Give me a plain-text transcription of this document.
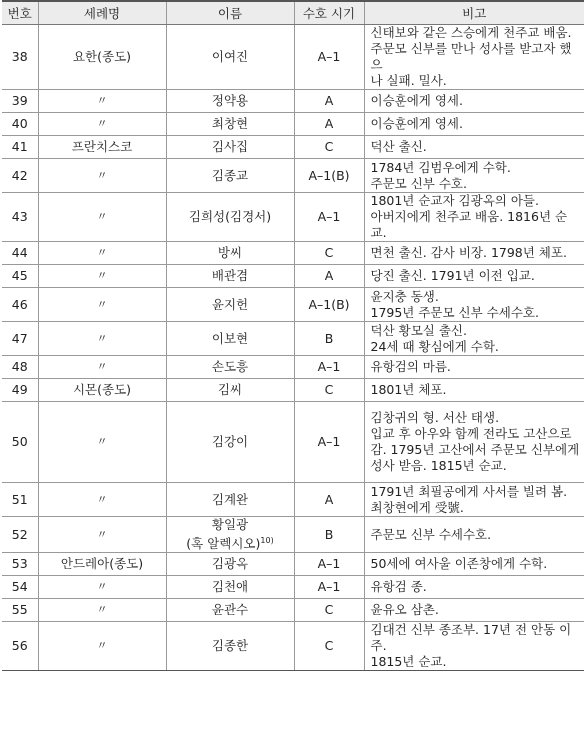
번호	세례명	이름	수호 시기	비고
38	요한(종도)	이여진	A–1	신태보와 같은 스승에게 천주교 배움.
주문모 신부를 만나 성사를 받고자 했으
나 실패. 밀사.

39	〃	정약용	A	이승훈에게 영세.

40	〃	최창현	A	이승훈에게 영세.

41	프란치스코	김사집	C	덕산 출신.

42	〃	김종교	A–1(B)	1784년 김범우에게 수학.
주문모 신부 수호.

43	〃	김희성(김경서)	A–1	1801년 순교자 김광옥의 아들.
아버지에게 천주교 배움. 1816년 순교.

44	〃	방씨	C	면천 출신. 감사 비장. 1798년 체포.

45	〃	배관겸	A	당진 출신. 1791년 이전 입교.

46	〃	윤지헌	A–1(B)	윤지충 동생.
1795년 주문모 신부 수세수호.

47	〃	이보현	B	덕산 황모실 출신.
24세 때 황심에게 수학.

48	〃	손도흥	A–1	유항검의 마름.

49	시몬(종도)	김씨	C	1801년 체포.

50	〃	김강이	A–1	김창귀의 형. 서산 태생.
입교 후 아우와 함께 전라도 고산으로
감. 1795년 고산에서 주문모 신부에게
성사 받음. 1815년 순교.

51	〃	김계완	A	1791년 최필공에게 사서를 빌려 봄.
최창현에게 受號.

52	〃	황일광
(혹 알렉시오)$^{10)}$	B	주문모 신부 수세수호.

53	안드레아(종도)	김광옥	A–1	50세에 여사울 이존창에게 수학.

54	〃	김천애	A–1	유항검 종.

55	〃	윤관수	C	윤유오 삼촌.

56	〃	김종한	C	김대건 신부 종조부. 17년 전 안동 이주.
1815년 순교.
